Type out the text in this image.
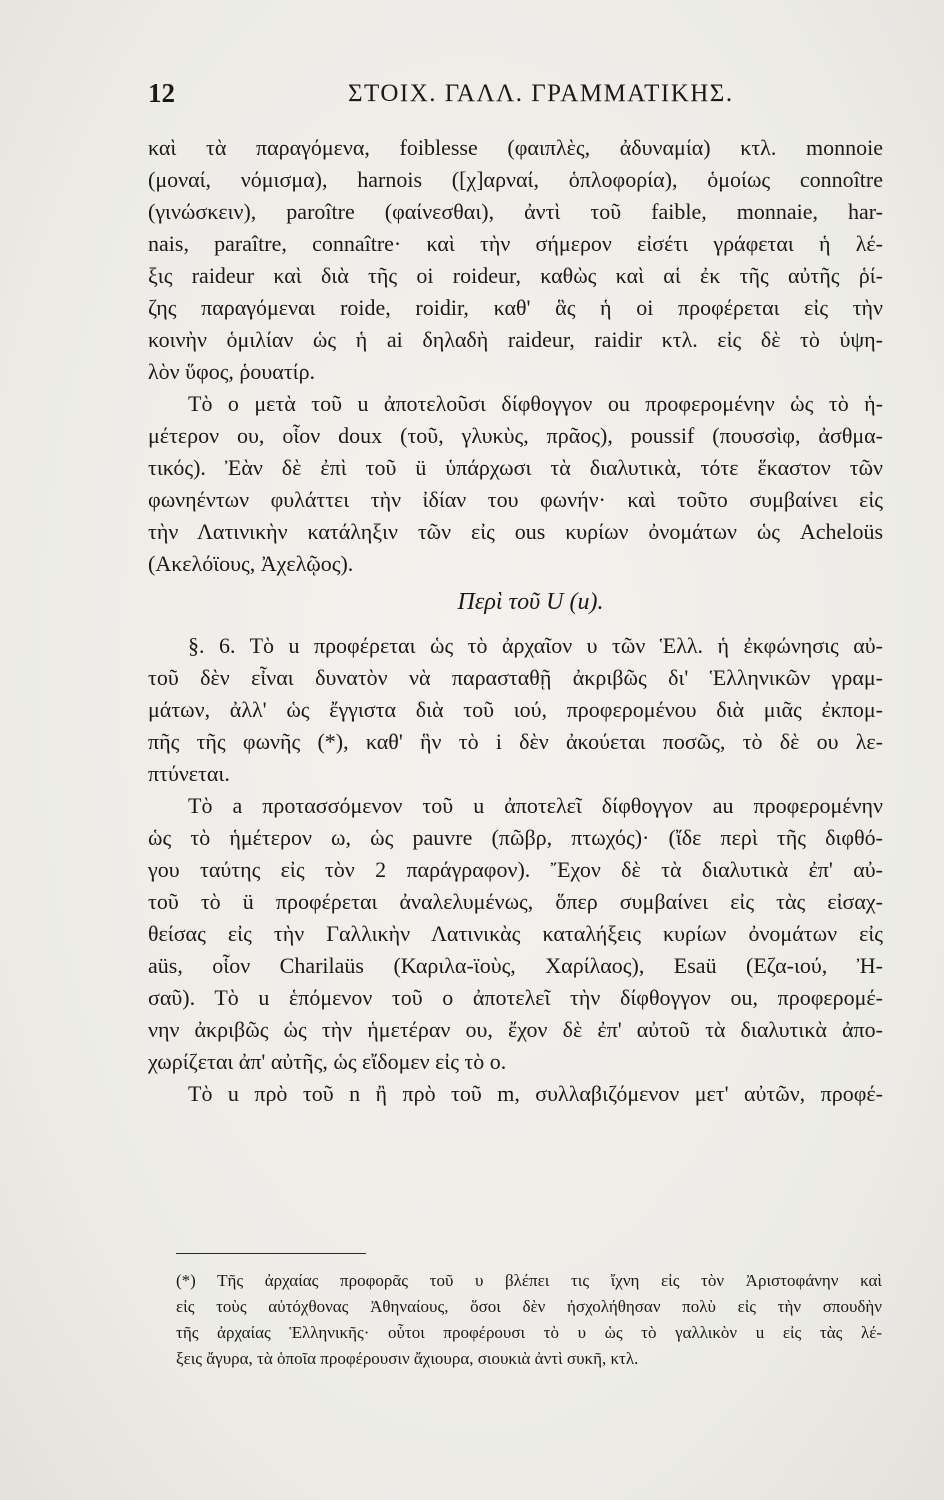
12	ΣΤΟΙΧ. ΓΑΛΛ. ΓΡΑΜΜΑΤΙΚΗΣ.
καὶ τὰ παραγόμενα, foiblesse (φαιπλὲς, ἀδυναμία) κτλ. monnoie
(μοναί, νόμισμα), harnois ([χ]αρναί, ὁπλοφορία), ὁμοίως connoître
(γινώσκειν), paroître (φαίνεσθαι), ἀντὶ τοῦ faible, monnaie, har-
nais, paraître, connaître· καὶ τὴν σήμερον εἰσέτι γράφεται ἡ λέ-
ξις raideur καὶ διὰ τῆς oi roideur, καθὼς καὶ αἱ ἐκ τῆς αὐτῆς ῥί-
ζης παραγόμεναι roide, roidir, καθ' ἃς ἡ oi προφέρεται εἰς τὴν
κοινὴν ὁμιλίαν ὡς ἡ ai δηλαδὴ raideur, raidir κτλ. εἰς δὲ τὸ ὑψη-
λὸν ὕφος, ῥουατίρ.
Τὸ o μετὰ τοῦ u ἀποτελοῦσι δίφθογγον ou προφερομένην ὡς τὸ ἡ-
μέτερον ου, οἷον doux (τοῦ, γλυκὺς, πρᾶος), poussif (πουσσὶφ, ἀσθμα-
τικός). Ἐὰν δὲ ἐπὶ τοῦ ü ὑπάρχωσι τὰ διαλυτικὰ, τότε ἕκαστον τῶν
φωνηέντων φυλάττει τὴν ἰδίαν του φωνήν· καὶ τοῦτο συμβαίνει εἰς
τὴν Λατινικὴν κατάληξιν τῶν εἰς ous κυρίων ὀνομάτων ὡς Acheloüs
(Ακελόϊους, Ἀχελῷος).
Περὶ τοῦ U (u).
§. 6. Τὸ u προφέρεται ὡς τὸ ἀρχαῖον υ τῶν Ἑλλ. ἡ ἐκφώνησις αὐ-
τοῦ δὲν εἶναι δυνατὸν νὰ παρασταθῇ ἀκριβῶς δι' Ἑλληνικῶν γραμ-
μάτων, ἀλλ' ὡς ἔγγιστα διὰ τοῦ ιού, προφερομένου διὰ μιᾶς ἐκπομ-
πῆς τῆς φωνῆς (*), καθ' ἣν τὸ i δὲν ἀκούεται ποσῶς, τὸ δὲ ου λε-
πτύνεται.
Τὸ a προτασσόμενον τοῦ u ἀποτελεῖ δίφθογγον au προφερομένην
ὡς τὸ ἡμέτερον ω, ὡς pauvre (πῶβρ, πτωχός)· (ἴδε περὶ τῆς διφθό-
γου ταύτης εἰς τὸν 2 παράγραφον). Ἔχον δὲ τὰ διαλυτικὰ ἐπ' αὐ-
τοῦ τὸ ü προφέρεται ἀναλελυμένως, ὅπερ συμβαίνει εἰς τὰς εἰσαχ-
θείσας εἰς τὴν Γαλλικὴν Λατινικὰς καταλήξεις κυρίων ὀνομάτων εἰς
aüs, οἷον Charilaüs (Καριλα-ϊοὺς, Χαρίλαος), Esaü (Εζα-ιού, Ἠ-
σαῦ). Τὸ u ἑπόμενον τοῦ o ἀποτελεῖ τὴν δίφθογγον ou, προφερομέ-
νην ἀκριβῶς ὡς τὴν ἡμετέραν ου, ἔχον δὲ ἐπ' αὐτοῦ τὰ διαλυτικὰ ἀπο-
χωρίζεται ἀπ' αὐτῆς, ὡς εἴδομεν εἰς τὸ o.
Τὸ u πρὸ τοῦ n ἢ πρὸ τοῦ m, συλλαβιζόμενον μετ' αὐτῶν, προφέ-
(*) Τῆς ἀρχαίας προφορᾶς τοῦ υ βλέπει τις ἴχνη εἰς τὸν Ἀριστοφάνην καὶ
εἰς τοὺς αὐτόχθονας Ἀθηναίους, ὅσοι δὲν ἠσχολήθησαν πολὺ εἰς τὴν σπουδὴν
τῆς ἀρχαίας Ἑλληνικῆς· οὗτοι προφέρουσι τὸ υ ὡς τὸ γαλλικὸν u εἰς τὰς λέ-
ξεις ἄγυρα, τὰ ὁποῖα προφέρουσιν ἄχιουρα, σιουκιὰ ἀντὶ συκῆ, κτλ.
